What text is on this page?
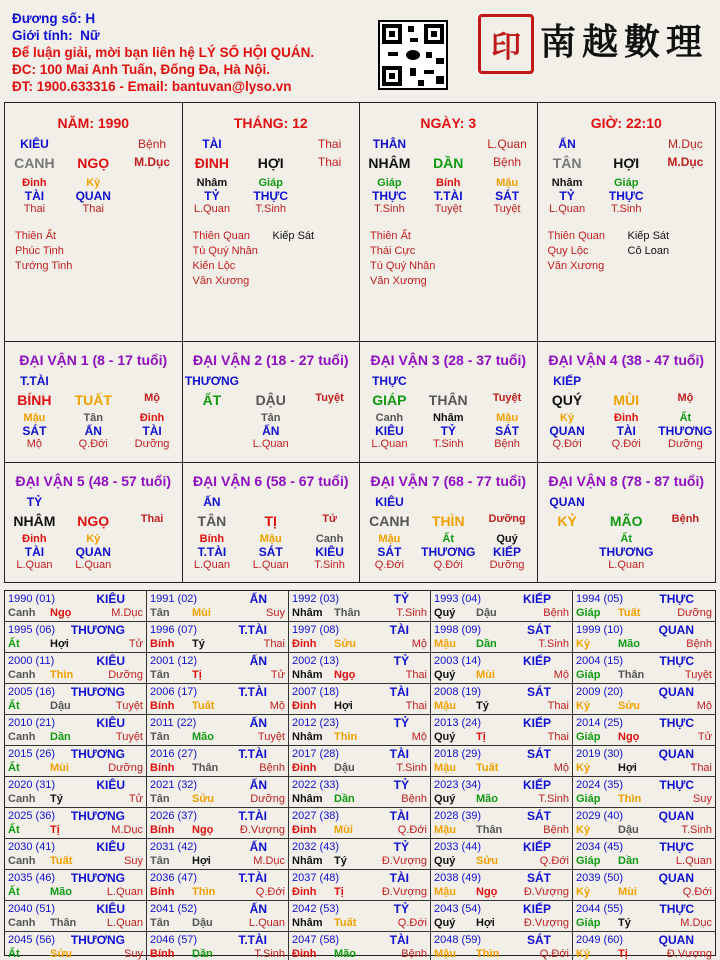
Đương số: H
Giới tính: Nữ
Để luận giải, mời bạn liên hệ LÝ SỐ HỘI QUÁN.
ĐC: 100 Mai Anh Tuấn, Đống Đa, Hà Nội.
ĐT: 1900.633316 - Email: bantuvan@lyso.vn
印 南越數理
NĂM: 1990
KIÊU	Bệnh
CANH	NGỌ	M.Dục
Đinh	Kỷ
TÀI	QUAN
Thai	Thai
Thiên Ất
Phúc Tinh
Tướng Tinh
THÁNG: 12
TÀI	Thai
ĐINH	HỢI	Thai
Nhâm	Giáp
TỶ	THỰC
L.Quan	T.Sinh
Thiên Quan
Tú Quý Nhân
Kiến Lộc
Văn Xương
Kiếp Sát
NGÀY: 3
THÂN	L.Quan
NHÂM	DẦN	Bệnh
Giáp	Bính	Mậu
THỰC	T.TÀI	SÁT
T.Sinh	Tuyệt	Tuyệt
Thiên Ất
Thái Cực
Tú Quý Nhân
Văn Xương
GIỜ: 22:10
ẤN	M.Dục
TÂN	HỢI	M.Dục
Nhâm	Giáp
TỶ	THỰC
L.Quan	T.Sinh
Thiên Quan
Quy Lộc
Văn Xương
Kiếp Sát
Cô Loan
ĐẠI VẬN 1 (8 - 17 tuổi)
T.TÀI
BÍNH	TUẤT	Mộ
Mậu	Tân	Đinh
SÁT	ẤN	TÀI
Mộ	Q.Đới	Dưỡng
ĐẠI VẬN 2 (18 - 27 tuổi)
THƯƠNG
ẤT	DẬU	Tuyệt
Tân
ẤN
L.Quan
ĐẠI VẬN 3 (28 - 37 tuổi)
THỰC
GIÁP	THÂN	Tuyệt
Canh	Nhâm	Mậu
KIÊU	TỶ	SÁT
L.Quan	T.Sinh	Bệnh
ĐẠI VẬN 4 (38 - 47 tuổi)
KIẾP
QUÝ	MÙI	Mộ
Kỷ	Đinh	Ất
QUAN	TÀI	THƯƠNG
Q.Đới	Q.Đới	Dưỡng
ĐẠI VẬN 5 (48 - 57 tuổi)
TỶ
NHÂM	NGỌ	Thai
Đinh	Kỷ
TÀI	QUAN
L.Quan	L.Quan
ĐẠI VẬN 6 (58 - 67 tuổi)
ẤN
TÂN	TỊ	Tử
Bính	Mậu	Canh
T.TÀI	SÁT	KIÊU
L.Quan	L.Quan	T.Sinh
ĐẠI VẬN 7 (68 - 77 tuổi)
KIÊU
CANH	THÌN	Dưỡng
Mậu	Ất	Quý
SÁT	THƯƠNG	KIẾP
Q.Đới	Q.Đới	Dưỡng
ĐẠI VẬN 8 (78 - 87 tuổi)
QUAN
KỶ	MÃO	Bệnh
Ất
THƯƠNG
L.Quan
1990 (01)	KIÊU
Canh	Ngọ	M.Dục
1991 (02)	ẤN
Tân	Mùi	Suy
1992 (03)	TỶ
Nhâm	Thân	T.Sinh
1993 (04)	KIẾP
Quý	Dậu	Bệnh
1994 (05)	THỰC
Giáp	Tuất	Dưỡng
1995 (06) THƯƠNG
Ất	Hợi	Tử
1996 (07)	T.TÀI
Bính	Tý	Thai
1997 (08)	TÀI
Đinh	Sửu	Mộ
1998 (09)	SÁT
Mậu	Dần	T.Sinh
1999 (10)	QUAN
Kỷ	Mão	Bệnh
2000 (11)	KIÊU
Canh	Thìn	Dưỡng
2001 (12)	ẤN
Tân	Tị	Tử
2002 (13)	TỶ
Nhâm	Ngọ	Thai
2003 (14)	KIẾP
Quý	Mùi	Mộ
2004 (15)	THỰC
Giáp	Thân	Tuyệt
2005 (16) THƯƠNG
Ất	Dậu	Tuyệt
2006 (17)	T.TÀI
Bính	Tuất	Mộ
2007 (18)	TÀI
Đinh	Hợi	Thai
2008 (19)	SÁT
Mậu	Tý	Thai
2009 (20)	QUAN
Kỷ	Sửu	Mộ
2010 (21)	KIÊU
Canh	Dần	Tuyệt
2011 (22)	ẤN
Tân	Mão	Tuyệt
2012 (23)	TỶ
Nhâm	Thìn	Mộ
2013 (24)	KIẾP
Quý	Tị	Thai
2014 (25)	THỰC
Giáp	Ngọ	Tử
2015 (26) THƯƠNG
Ất	Mùi	Dưỡng
2016 (27)	T.TÀI
Bính	Thân	Bệnh
2017 (28)	TÀI
Đinh	Dậu	T.Sinh
2018 (29)	SÁT
Mậu	Tuất	Mộ
2019 (30)	QUAN
Kỷ	Hợi	Thai
2020 (31)	KIÊU
Canh	Tý	Tử
2021 (32)	ẤN
Tân	Sửu	Dưỡng
2022 (33)	TỶ
Nhâm	Dần	Bệnh
2023 (34)	KIẾP
Quý	Mão	T.Sinh
2024 (35)	THỰC
Giáp	Thìn	Suy
2025 (36) THƯƠNG
Ất	Tị	M.Dục
2026 (37)	T.TÀI
Bính	Ngọ	Đ.Vượng
2027 (38)	TÀI
Đinh	Mùi	Q.Đới
2028 (39)	SÁT
Mậu	Thân	Bệnh
2029 (40)	QUAN
Kỷ	Dậu	T.Sinh
2030 (41)	KIÊU
Canh	Tuất	Suy
2031 (42)	ẤN
Tân	Hợi	M.Dục
2032 (43)	TỶ
Nhâm	Tý	Đ.Vượng
2033 (44)	KIẾP
Quý	Sửu	Q.Đới
2034 (45)	THỰC
Giáp	Dần	L.Quan
2035 (46) THƯƠNG
Ất	Mão	L.Quan
2036 (47)	T.TÀI
Bính	Thìn	Q.Đới
2037 (48)	TÀI
Đinh	Tị	Đ.Vượng
2038 (49)	SÁT
Mậu	Ngọ	Đ.Vượng
2039 (50)	QUAN
Kỷ	Mùi	Q.Đới
2040 (51)	KIÊU
Canh	Thân	L.Quan
2041 (52)	ẤN
Tân	Dậu	L.Quan
2042 (53)	TỶ
Nhâm	Tuất	Q.Đới
2043 (54)	KIẾP
Quý	Hợi	Đ.Vượng
2044 (55)	THỰC
Giáp	Tý	M.Dục
2045 (56) THƯƠNG
Ất	Sửu	Suy
2046 (57)	T.TÀI
Bính	Dần	T.Sinh
2047 (58)	TÀI
Đinh	Mão	Bệnh
2048 (59)	SÁT
Mậu	Thìn	Q.Đới
2049 (60)	QUAN
Kỷ	Tị	Đ.Vượng
